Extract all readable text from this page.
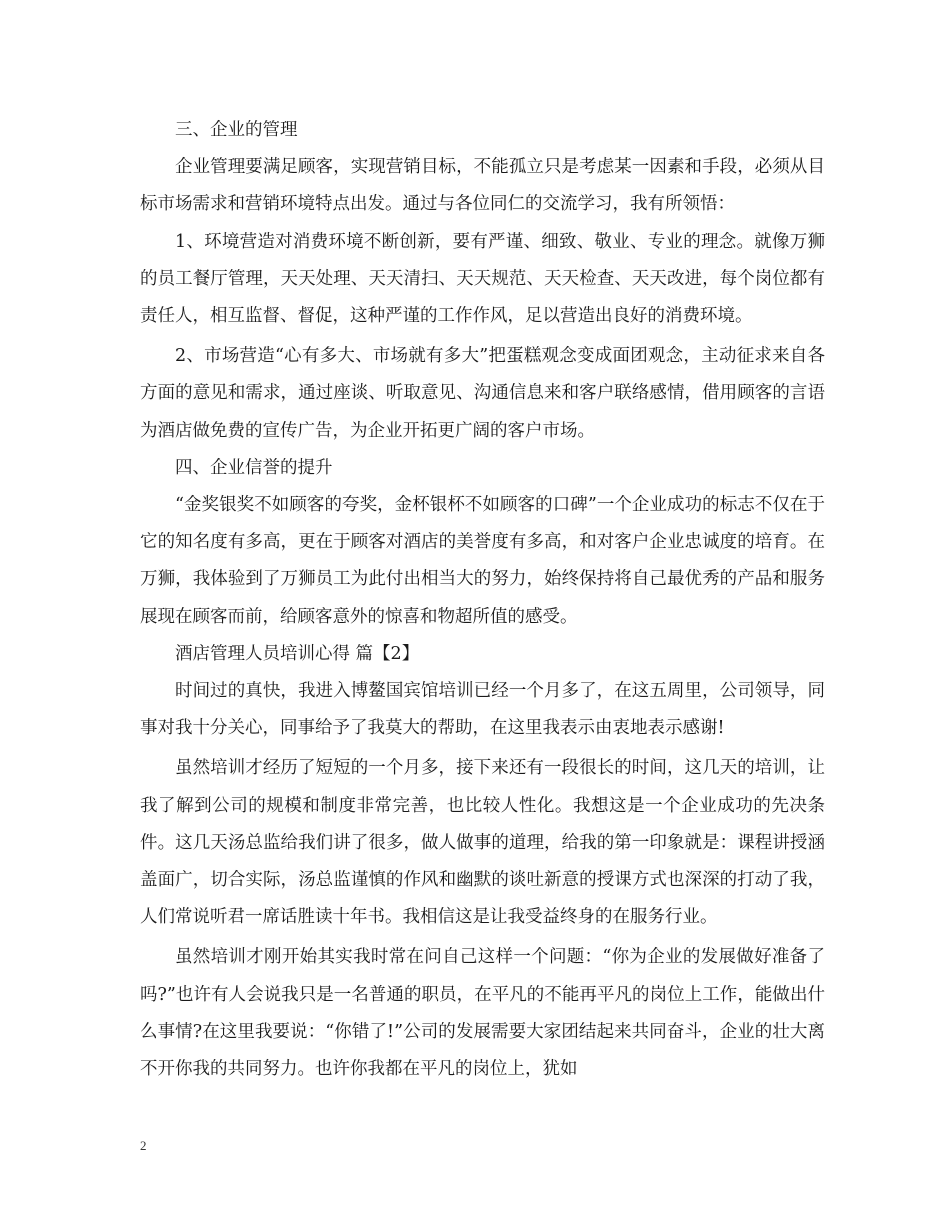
三、企业的管理

企业管理要满足顾客，实现营销目标，不能孤立只是考虑某一因素和手段，必须从目标市场需求和营销环境特点出发。通过与各位同仁的交流学习，我有所领悟：

1、环境营造对消费环境不断创新，要有严谨、细致、敬业、专业的理念。就像万狮的员工餐厅管理，天天处理、天天清扫、天天规范、天天检查、天天改进，每个岗位都有责任人，相互监督、督促，这种严谨的工作作风，足以营造出良好的消费环境。

2、市场营造“心有多大、市场就有多大”把蛋糕观念变成面团观念，主动征求来自各方面的意见和需求，通过座谈、听取意见、沟通信息来和客户联络感情，借用顾客的言语为酒店做免费的宣传广告，为企业开拓更广阔的客户市场。

四、企业信誉的提升

“金奖银奖不如顾客的夸奖，金杯银杯不如顾客的口碑”一个企业成功的标志不仅在于它的知名度有多高，更在于顾客对酒店的美誉度有多高，和对客户企业忠诚度的培育。在万狮，我体验到了万狮员工为此付出相当大的努力，始终保持将自己最优秀的产品和服务展现在顾客而前，给顾客意外的惊喜和物超所值的感受。

酒店管理人员培训心得 篇【2】

时间过的真快，我进入博鳌国宾馆培训已经一个月多了，在这五周里，公司领导，同事对我十分关心，同事给予了我莫大的帮助，在这里我表示由衷地表示感谢!

虽然培训才经历了短短的一个月多，接下来还有一段很长的时间，这几天的培训，让我了解到公司的规模和制度非常完善，也比较人性化。我想这是一个企业成功的先决条件。这几天汤总监给我们讲了很多，做人做事的道理，给我的第一印象就是：课程讲授涵盖面广，切合实际，汤总监谨慎的作风和幽默的谈吐新意的授课方式也深深的打动了我，人们常说听君一席话胜读十年书。我相信这是让我受益终身的在服务行业。

虽然培训才刚开始其实我时常在问自己这样一个问题：“你为企业的发展做好准备了吗?”也许有人会说我只是一名普通的职员，在平凡的不能再平凡的岗位上工作，能做出什么事情?在这里我要说：“你错了!”公司的发展需要大家团结起来共同奋斗，企业的壮大离不开你我的共同努力。也许你我都在平凡的岗位上，犹如

2
